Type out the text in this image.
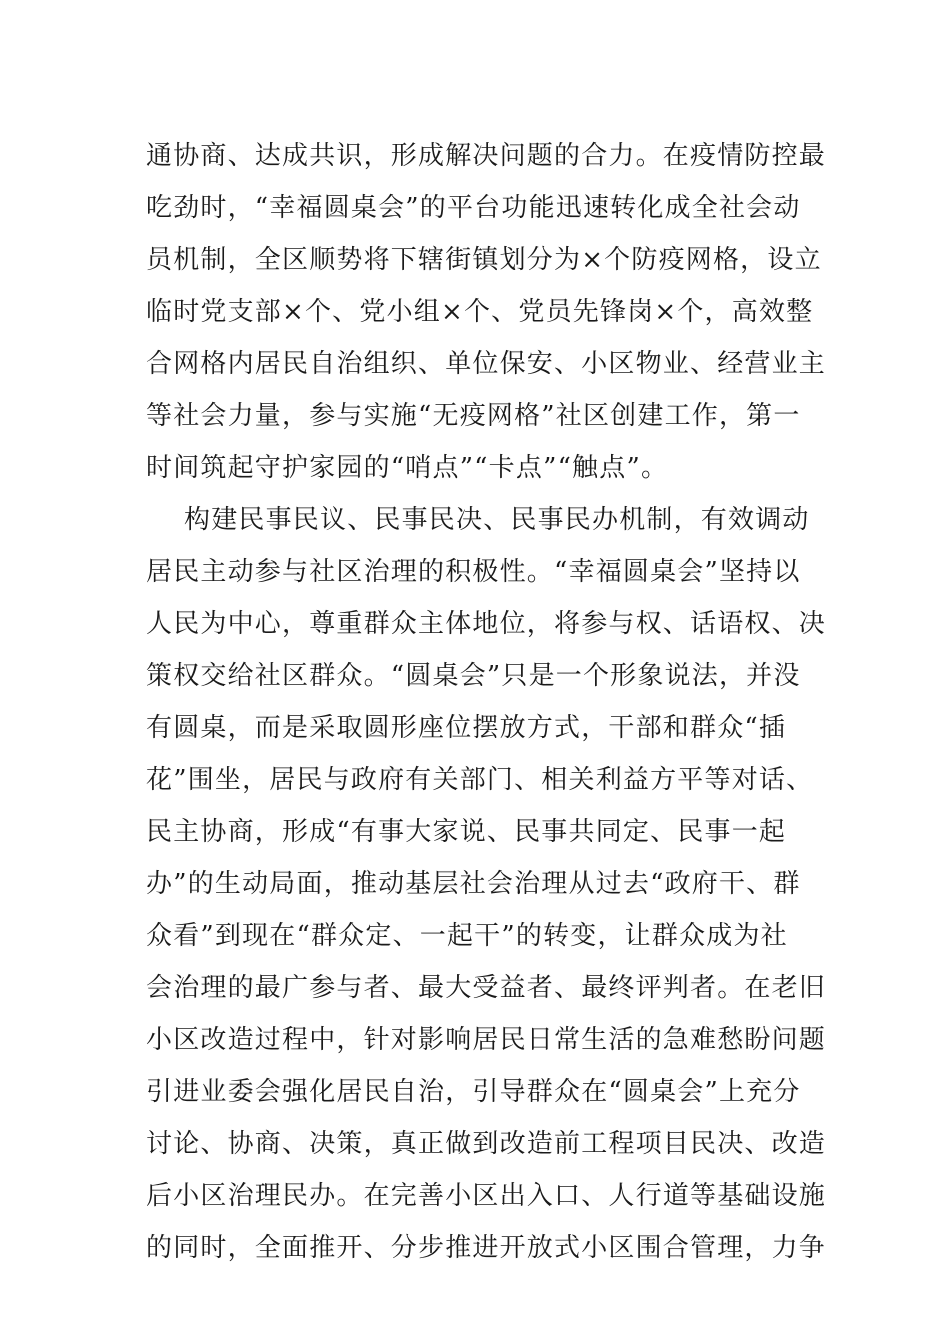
通协商、达成共识，形成解决问题的合力。在疫情防控最
吃劲时，“幸福圆桌会”的平台功能迅速转化成全社会动
员机制，全区顺势将下辖街镇划分为×个防疫网格，设立
临时党支部×个、党小组×个、党员先锋岗×个，高效整
合网格内居民自治组织、单位保安、小区物业、经营业主
等社会力量，参与实施“无疫网格”社区创建工作，第一
时间筑起守护家园的“哨点”“卡点”“触点”。
构建民事民议、民事民决、民事民办机制，有效调动
居民主动参与社区治理的积极性。“幸福圆桌会”坚持以
人民为中心，尊重群众主体地位，将参与权、话语权、决
策权交给社区群众。“圆桌会”只是一个形象说法，并没
有圆桌，而是采取圆形座位摆放方式，干部和群众“插
花”围坐，居民与政府有关部门、相关利益方平等对话、
民主协商，形成“有事大家说、民事共同定、民事一起
办”的生动局面，推动基层社会治理从过去“政府干、群
众看”到现在“群众定、一起干”的转变，让群众成为社
会治理的最广参与者、最大受益者、最终评判者。在老旧
小区改造过程中，针对影响居民日常生活的急难愁盼问题
引进业委会强化居民自治，引导群众在“圆桌会”上充分
讨论、协商、决策，真正做到改造前工程项目民决、改造
后小区治理民办。在完善小区出入口、人行道等基础设施
的同时，全面推开、分步推进开放式小区围合管理，力争
